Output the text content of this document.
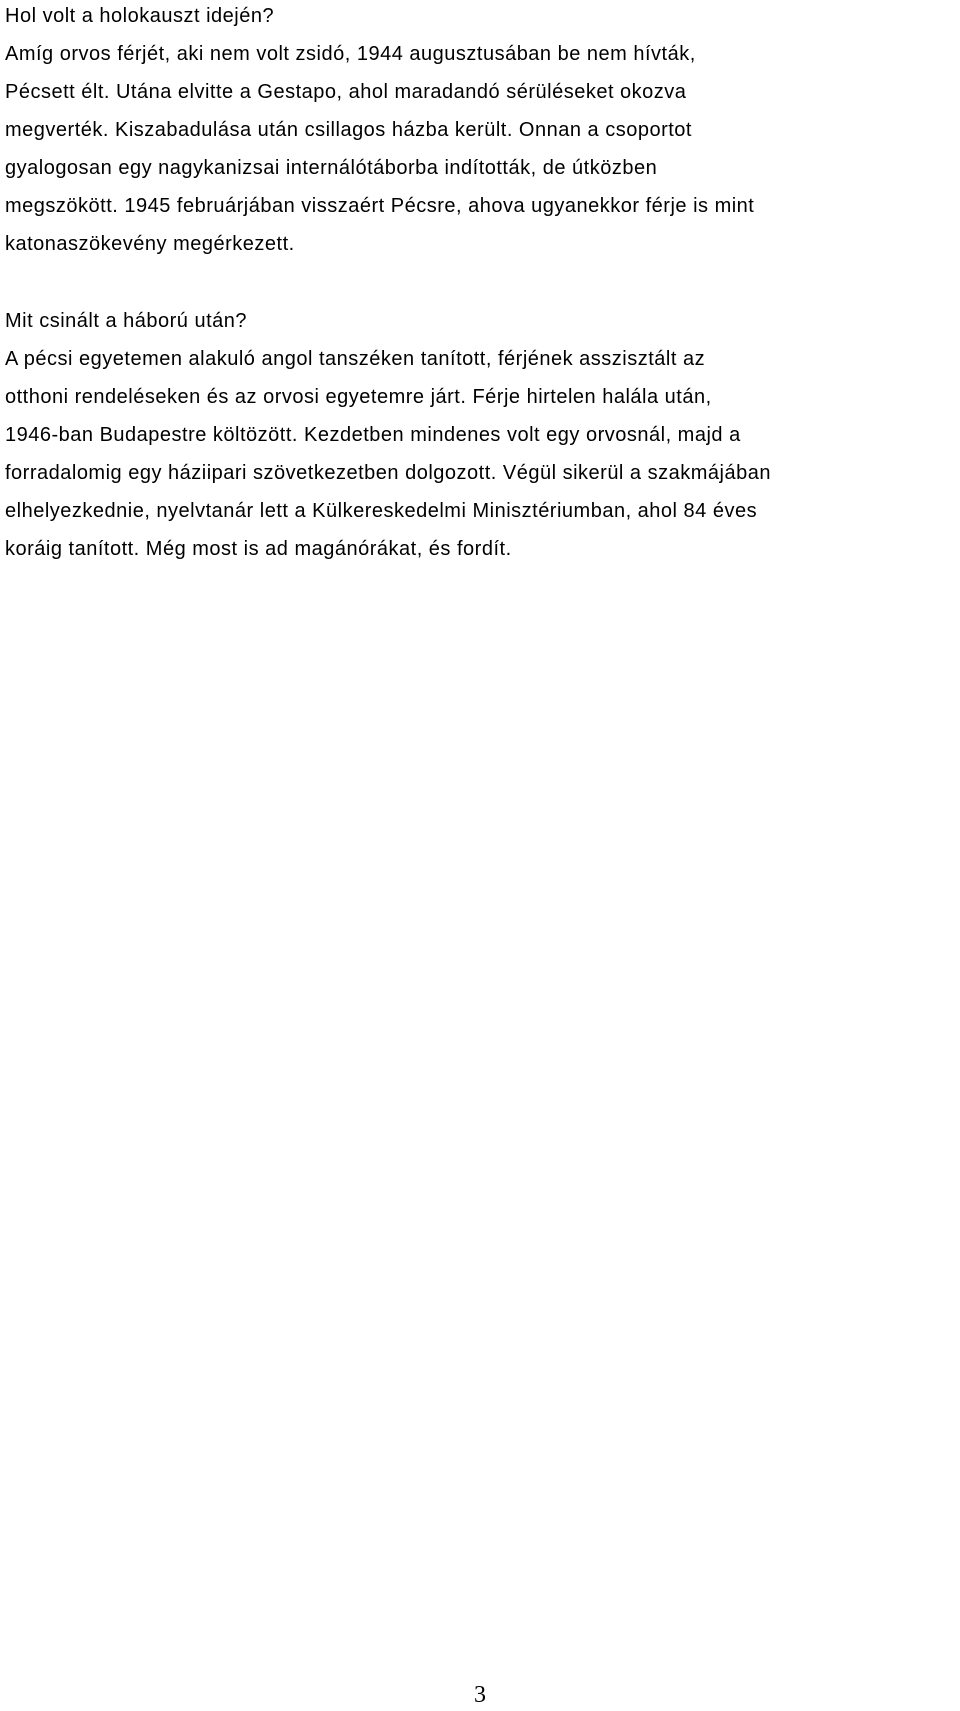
Hol volt a holokauszt idején?

Amíg orvos férjét, aki nem volt zsidó, 1944 augusztusában be nem hívták,

Pécsett élt. Utána elvitte a Gestapo, ahol maradandó sérüléseket okozva

megverték. Kiszabadulása után csillagos házba került. Onnan a csoportot

gyalogosan egy nagykanizsai internálótáborba indították, de útközben

megszökött. 1945 februárjában visszaért Pécsre, ahova ugyanekkor férje is mint

katonaszökevény megérkezett.

Mit csinált a háború után?

A pécsi egyetemen alakuló angol tanszéken tanított, férjének asszisztált az

otthoni rendeléseken és az orvosi egyetemre járt. Férje hirtelen halála után,

1946-ban Budapestre költözött. Kezdetben mindenes volt egy orvosnál, majd a

forradalomig egy háziipari szövetkezetben dolgozott. Végül sikerül a szakmájában

elhelyezkednie, nyelvtanár lett a Külkereskedelmi Minisztériumban, ahol 84 éves

koráig tanított. Még most is ad magánórákat, és fordít.

3
